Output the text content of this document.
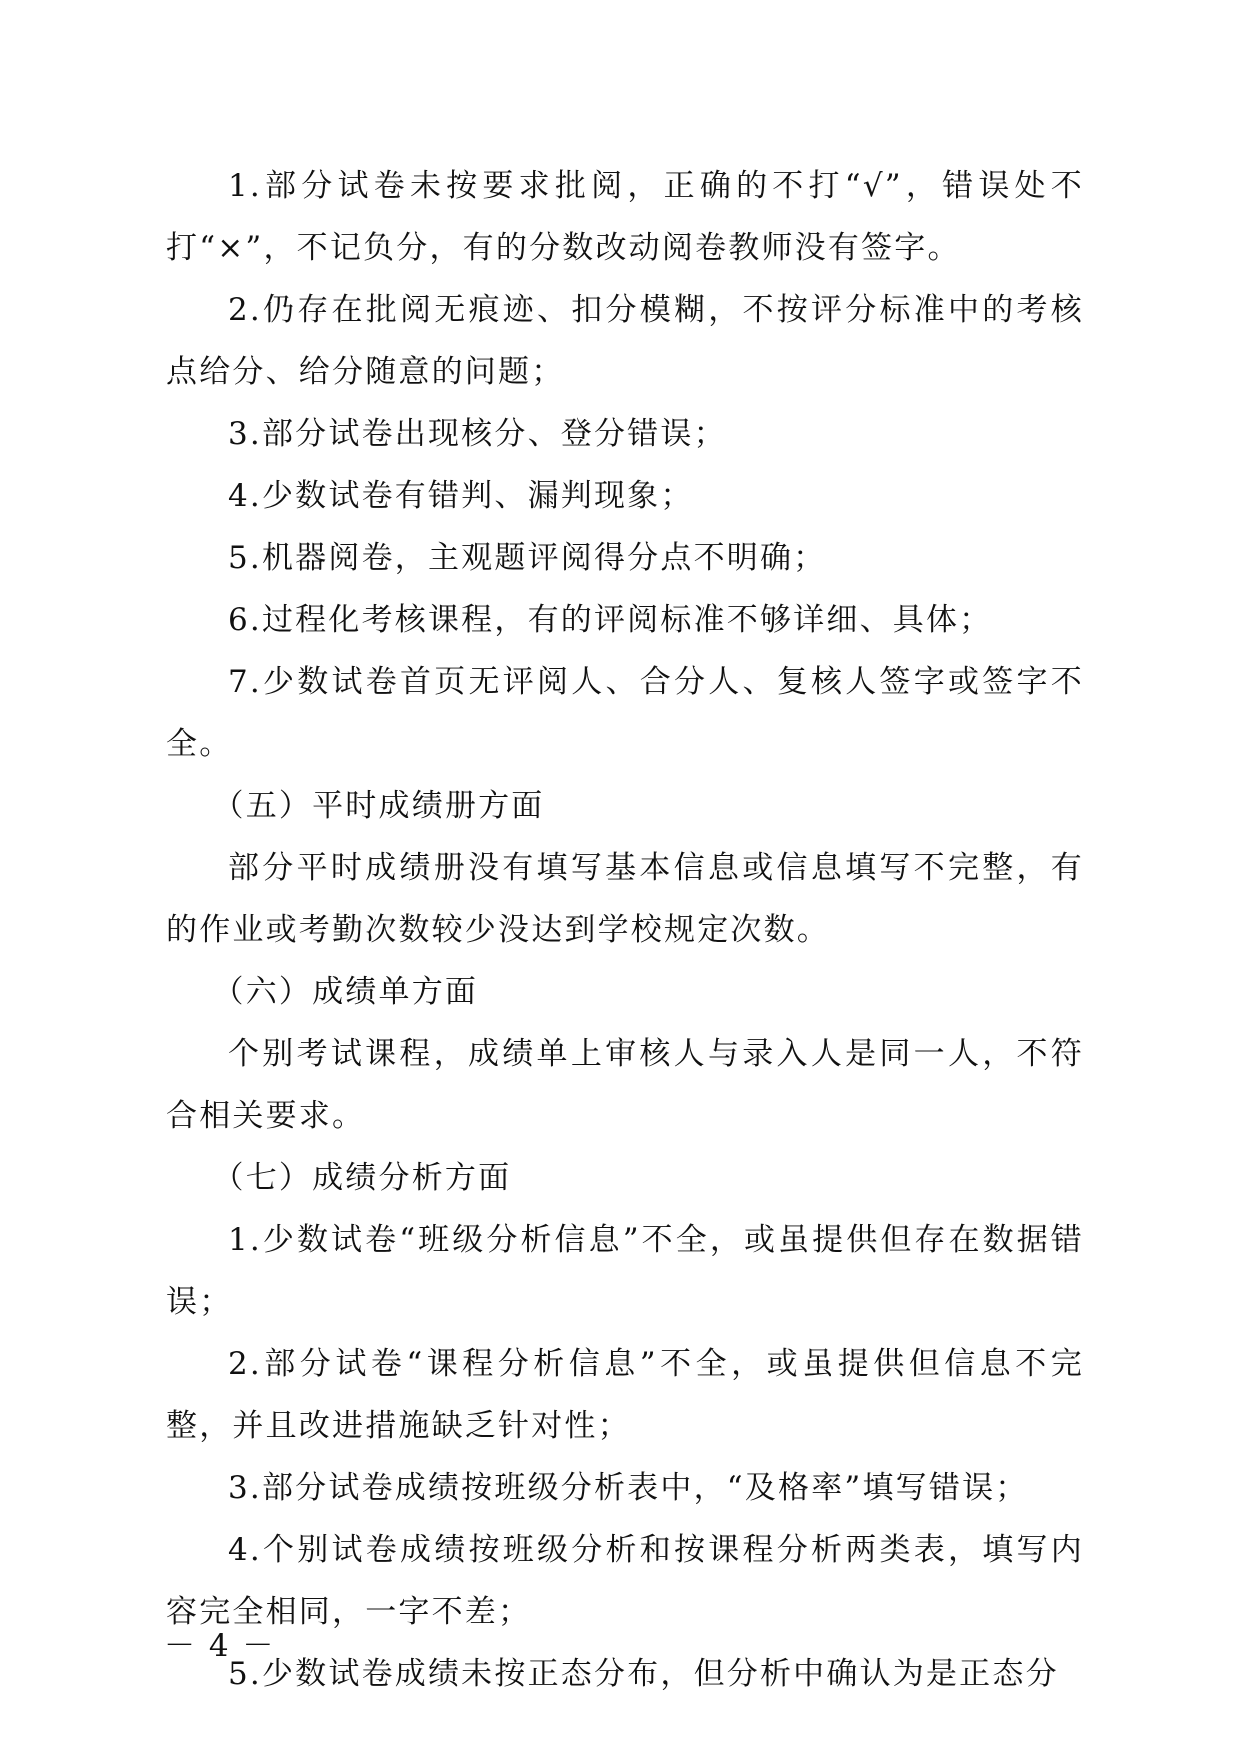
1.部分试卷未按要求批阅，正确的不打“√”，错误处不打“×”，不记负分，有的分数改动阅卷教师没有签字。

2.仍存在批阅无痕迹、扣分模糊，不按评分标准中的考核点给分、给分随意的问题；

3.部分试卷出现核分、登分错误；

4.少数试卷有错判、漏判现象；

5.机器阅卷，主观题评阅得分点不明确；

6.过程化考核课程，有的评阅标准不够详细、具体；

7.少数试卷首页无评阅人、合分人、复核人签字或签字不全。

（五）平时成绩册方面

部分平时成绩册没有填写基本信息或信息填写不完整，有的作业或考勤次数较少没达到学校规定次数。

（六）成绩单方面

个别考试课程，成绩单上审核人与录入人是同一人，不符合相关要求。

（七）成绩分析方面

1.少数试卷“班级分析信息”不全，或虽提供但存在数据错误；

2.部分试卷“课程分析信息”不全，或虽提供但信息不完整，并且改进措施缺乏针对性；

3.部分试卷成绩按班级分析表中，“及格率”填写错误；

4.个别试卷成绩按班级分析和按课程分析两类表，填写内容完全相同，一字不差；

5.少数试卷成绩未按正态分布，但分析中确认为是正态分

－ 4 －
